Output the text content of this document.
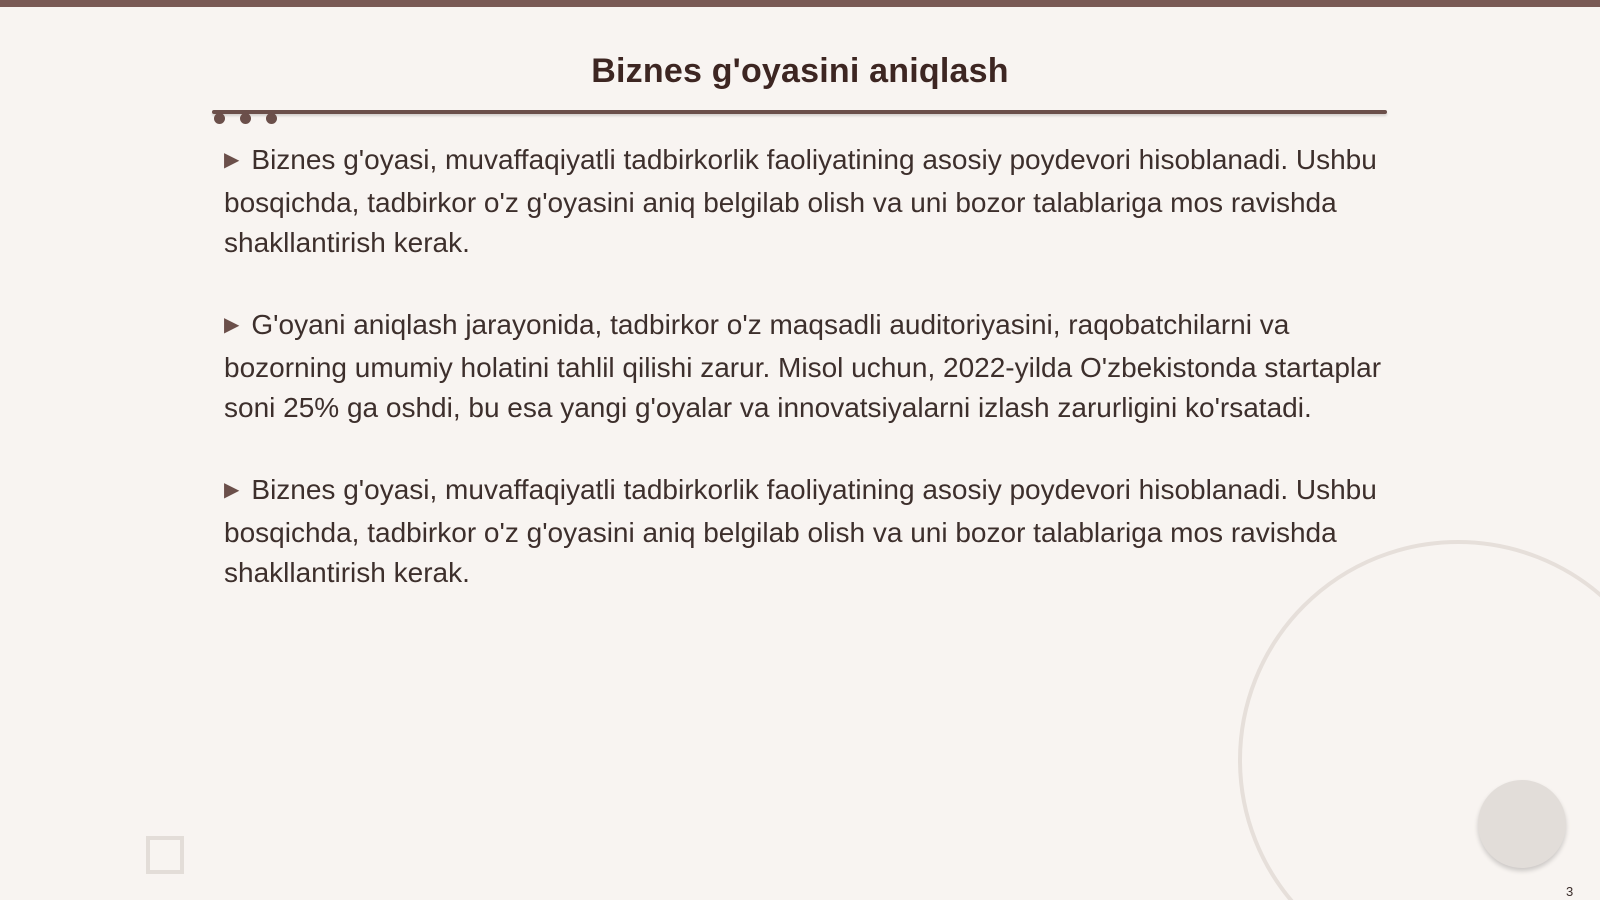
Biznes g'oyasini aniqlash

▶ Biznes g'oyasi, muvaffaqiyatli tadbirkorlik faoliyatining asosiy poydevori hisoblanadi. Ushbu bosqichda, tadbirkor o'z g'oyasini aniq belgilab olish va uni bozor talablariga mos ravishda shakllantirish kerak.

▶ G'oyani aniqlash jarayonida, tadbirkor o'z maqsadli auditoriyasini, raqobatchilarni va bozorning umumiy holatini tahlil qilishi zarur. Misol uchun, 2022-yilda O'zbekistonda startaplar soni 25% ga oshdi, bu esa yangi g'oyalar va innovatsiyalarni izlash zarurligini ko'rsatadi.

▶ Biznes g'oyasi, muvaffaqiyatli tadbirkorlik faoliyatining asosiy poydevori hisoblanadi. Ushbu bosqichda, tadbirkor o'z g'oyasini aniq belgilab olish va uni bozor talablariga mos ravishda shakllantirish kerak.

3
